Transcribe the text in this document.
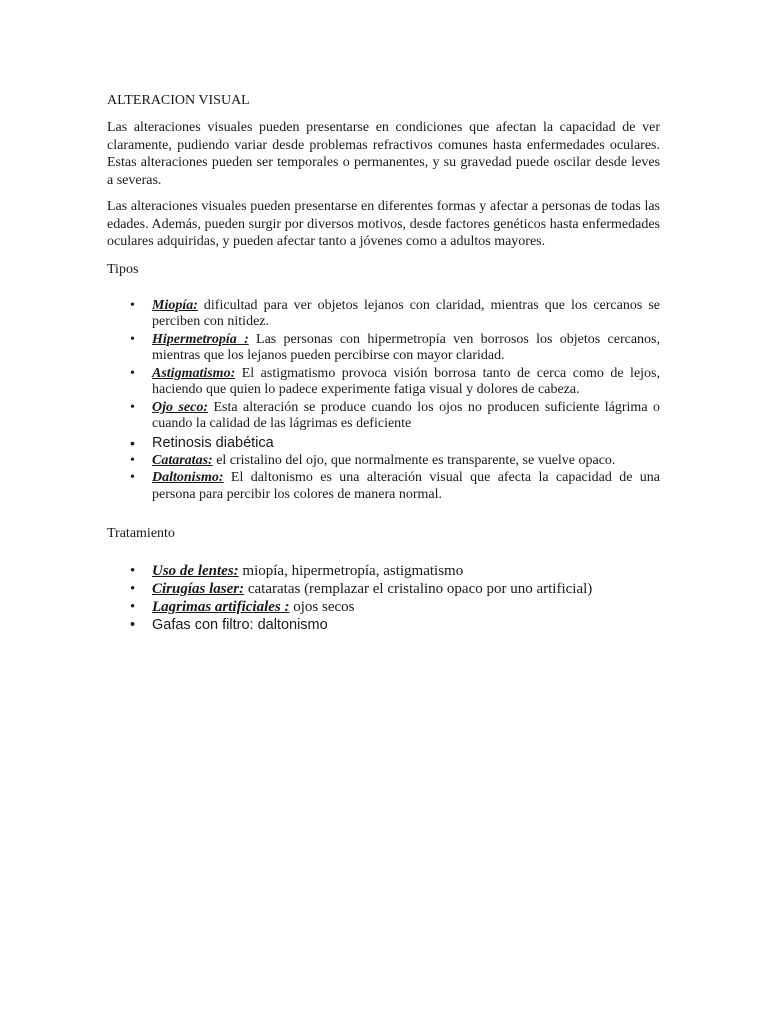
ALTERACION VISUAL

Las alteraciones visuales pueden presentarse en condiciones que afectan la capacidad de ver claramente, pudiendo variar desde problemas refractivos comunes hasta enfermedades oculares. Estas alteraciones pueden ser temporales o permanentes, y su gravedad puede oscilar desde leves a severas.

Las alteraciones visuales pueden presentarse en diferentes formas y afectar a personas de todas las edades. Además, pueden surgir por diversos motivos, desde factores genéticos hasta enfermedades oculares adquiridas, y pueden afectar tanto a jóvenes como a adultos mayores.

Tipos

• Miopía: dificultad para ver objetos lejanos con claridad, mientras que los cercanos se perciben con nitidez.
• Hipermetropía : Las personas con hipermetropía ven borrosos los objetos cercanos, mientras que los lejanos pueden percibirse con mayor claridad.
• Astigmatismo: El astigmatismo provoca visión borrosa tanto de cerca como de lejos, haciendo que quien lo padece experimente fatiga visual y dolores de cabeza.
• Ojo seco: Esta alteración se produce cuando los ojos no producen suficiente lágrima o cuando la calidad de las lágrimas es deficiente
• Retinosis diabética
• Cataratas: el cristalino del ojo, que normalmente es transparente, se vuelve opaco.
• Daltonismo: El daltonismo es una alteración visual que afecta la capacidad de una persona para percibir los colores de manera normal.

Tratamiento

• Uso de lentes: miopía, hipermetropía, astigmatismo
• Cirugías laser: cataratas (remplazar el cristalino opaco por uno artificial)
• Lagrimas artificiales : ojos secos
• Gafas con filtro: daltonismo
